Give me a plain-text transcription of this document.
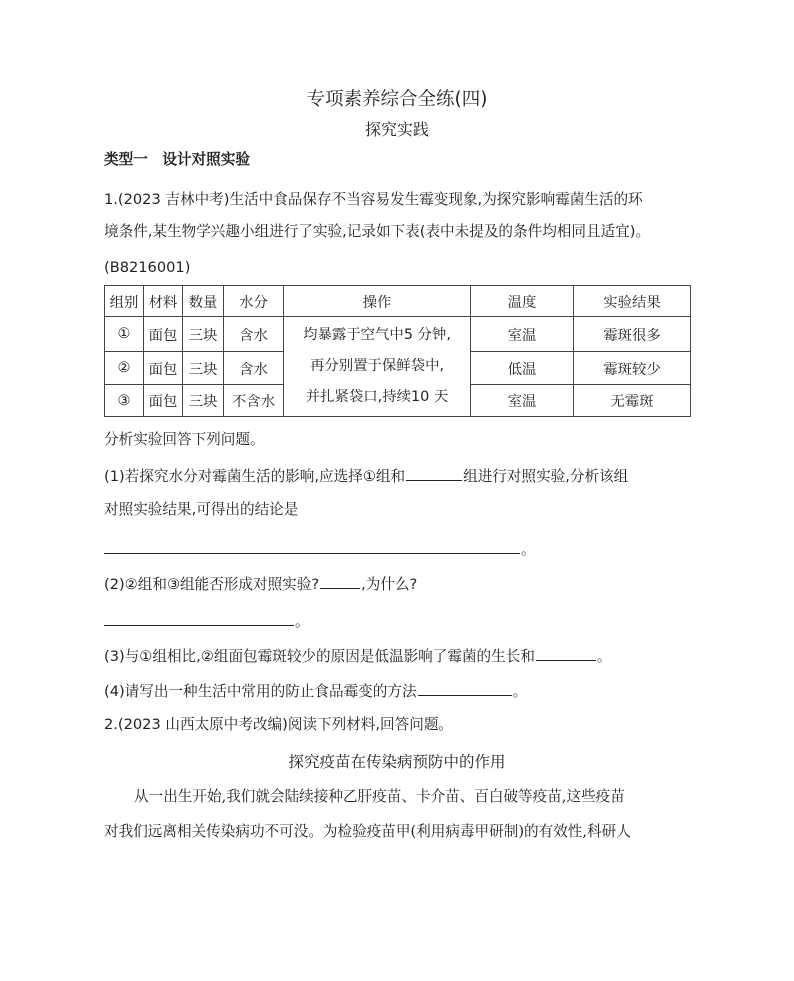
专项素养综合全练(四)
探究实践
类型一　设计对照实验
1.(2023 吉林中考)生活中食品保存不当容易发生霉变现象,为探究影响霉菌生活的环
境条件,某生物学兴趣小组进行了实验,记录如下表(表中未提及的条件均相同且适宜)。
(B8216001)
组别	材料	数量	水分	操作	温度	实验结果
①	面包	三块	含水	均暴露于空气中5 分钟,
再分别置于保鲜袋中,
并扎紧袋口,持续10 天	室温	霉斑很多
②	面包	三块	含水		低温	霉斑较少
③	面包	三块	不含水		室温	无霉斑
分析实验回答下列问题。
(1)若探究水分对霉菌生活的影响,应选择①组和	组进行对照实验,分析该组
对照实验结果,可得出的结论是
。
(2)②组和③组能否形成对照实验?	,为什么?
。
(3)与①组相比,②组面包霉斑较少的原因是低温影响了霉菌的生长和	。
(4)请写出一种生活中常用的防止食品霉变的方法	。
2.(2023 山西太原中考改编)阅读下列材料,回答问题。
探究疫苗在传染病预防中的作用
从一出生开始,我们就会陆续接种乙肝疫苗、卡介苗、百白破等疫苗,这些疫苗
对我们远离相关传染病功不可没。为检验疫苗甲(利用病毒甲研制)的有效性,科研人
